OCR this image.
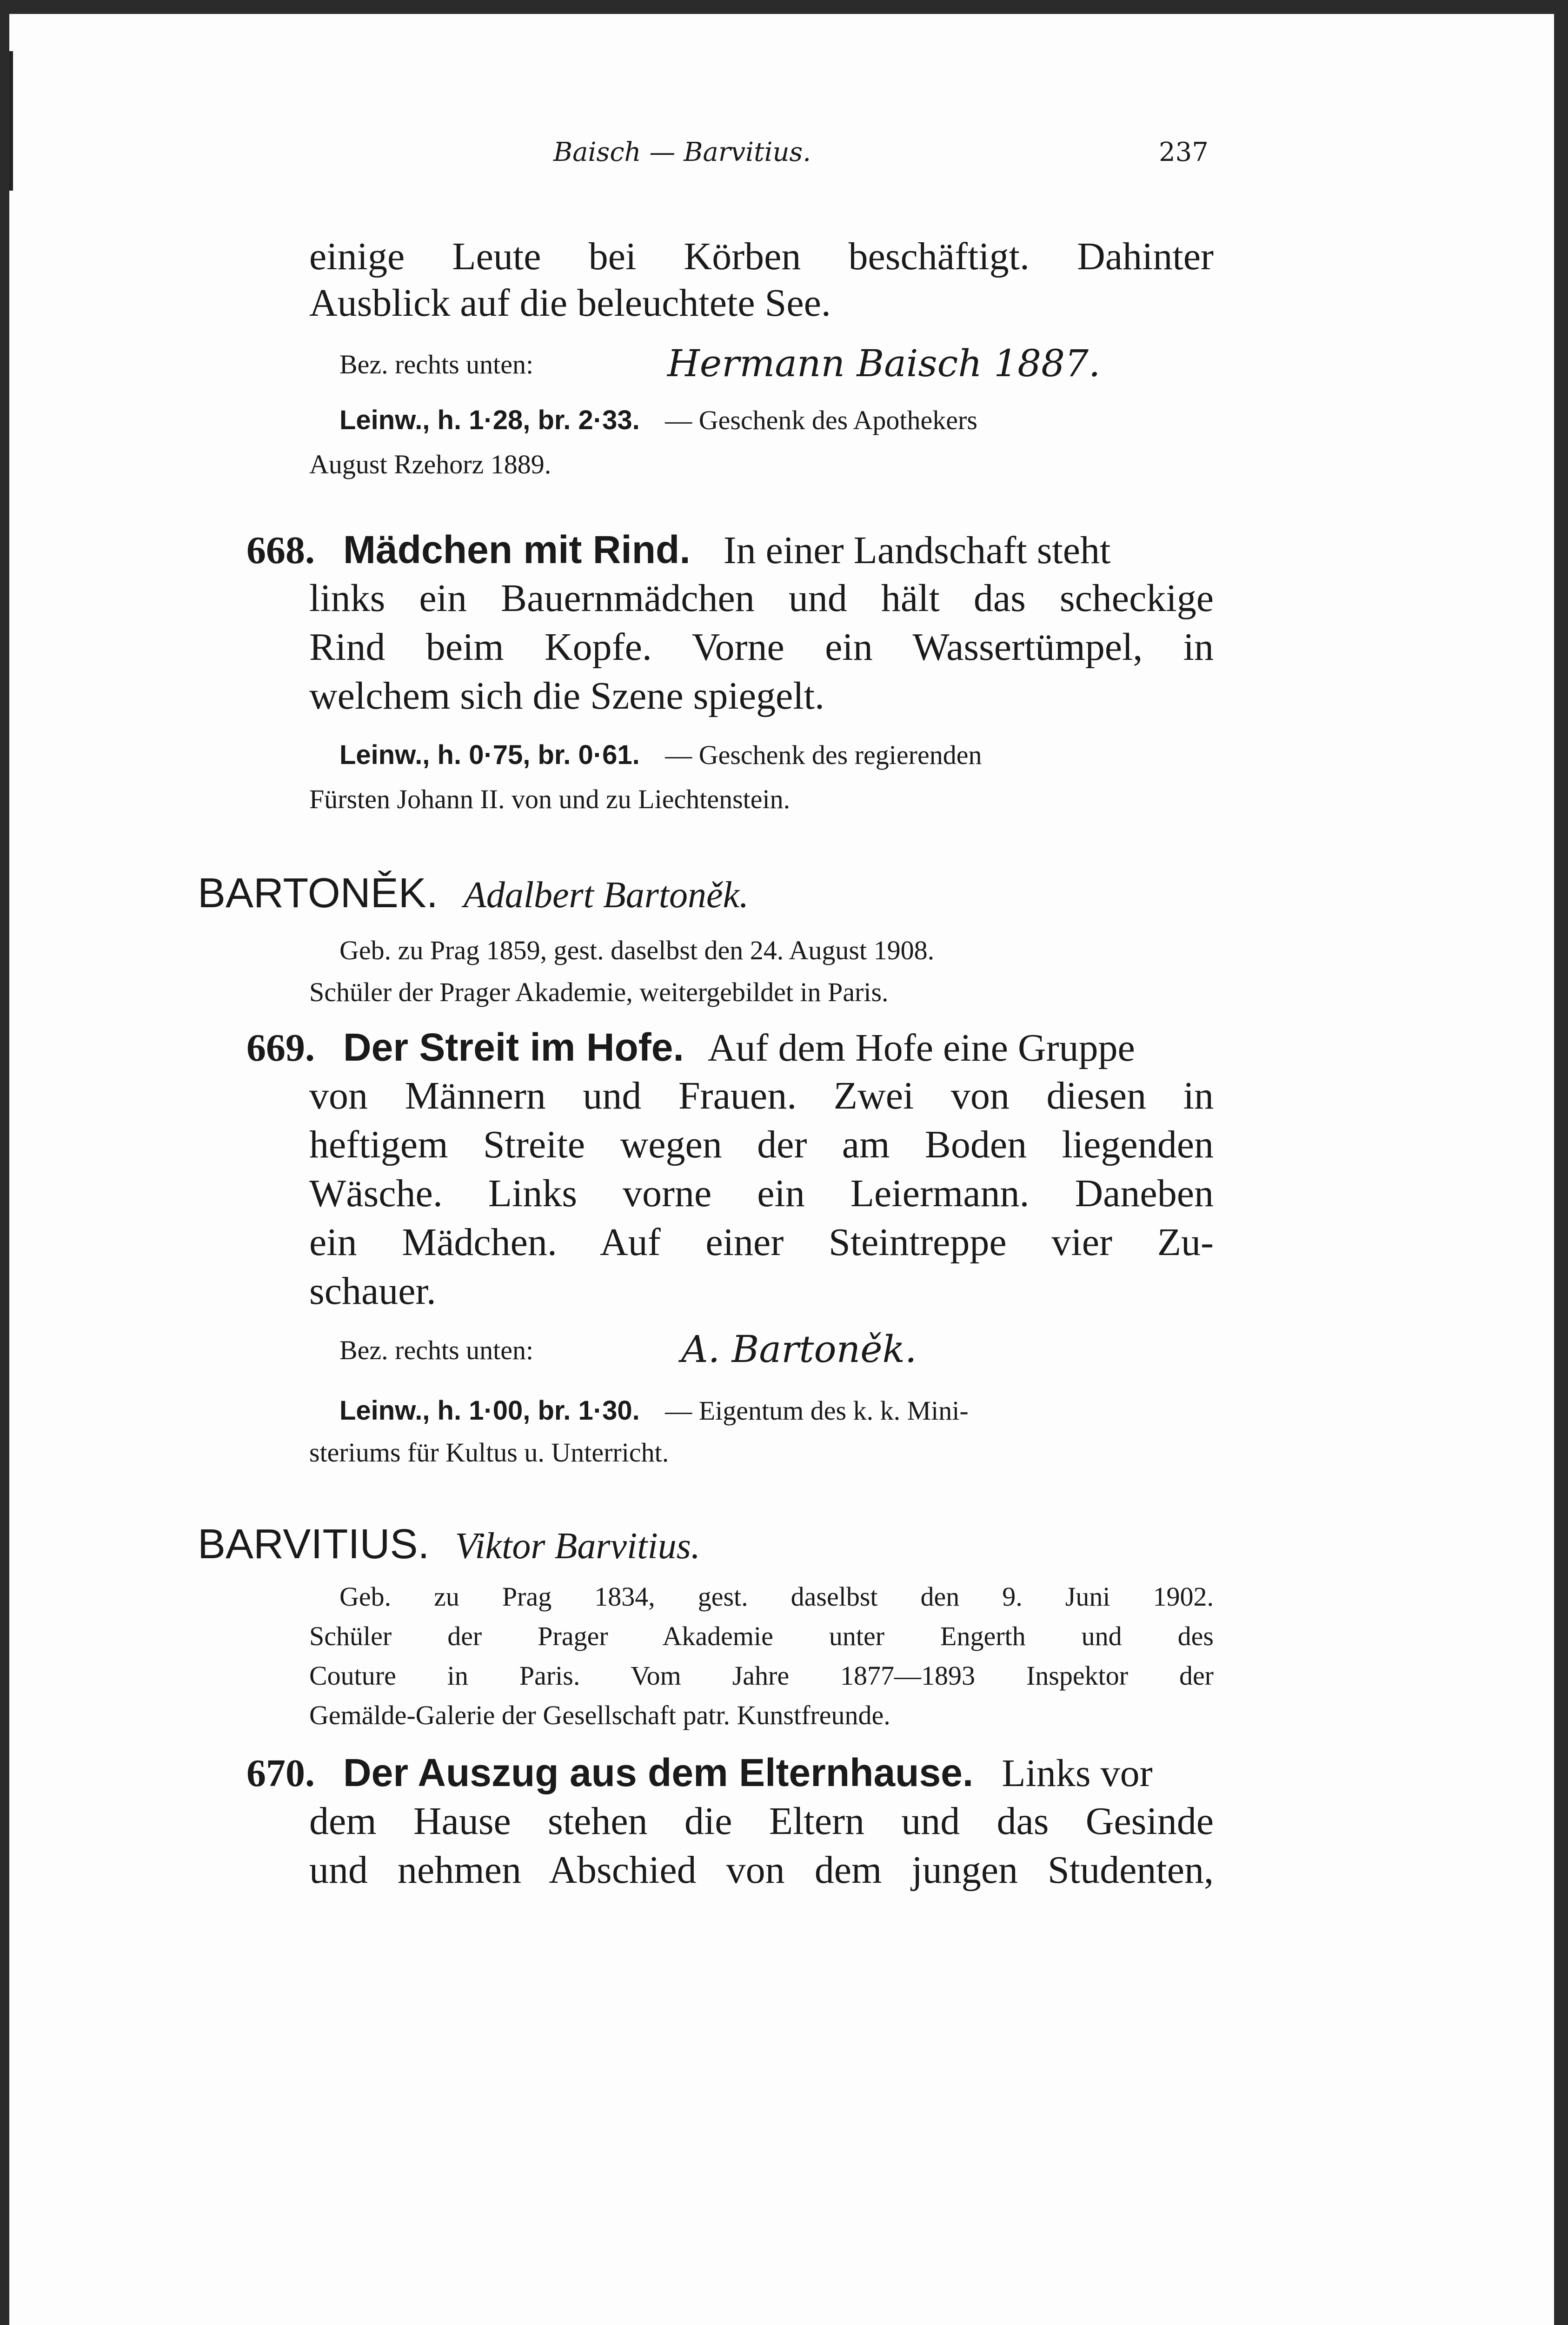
Baisch — Barvitius.	237
einige Leute bei Körben beschäftigt. Dahinter
Ausblick auf die beleuchtete See.
Bez. rechts unten:	Hermann Baisch 1887.
Leinw., h. 1·28, br. 2·33. — Geschenk des Apothekers
August Rzehorz 1889.
668. Mädchen mit Rind. In einer Landschaft steht
links ein Bauernmädchen und hält das scheckige
Rind beim Kopfe. Vorne ein Wassertümpel, in
welchem sich die Szene spiegelt.
Leinw., h. 0·75, br. 0·61. — Geschenk des regierenden
Fürsten Johann II. von und zu Liechtenstein.
BARTONĚK. Adalbert Bartoněk.
Geb. zu Prag 1859, gest. daselbst den 24. August 1908.
Schüler der Prager Akademie, weitergebildet in Paris.
669. Der Streit im Hofe. Auf dem Hofe eine Gruppe
von Männern und Frauen. Zwei von diesen in
heftigem Streite wegen der am Boden liegenden
Wäsche. Links vorne ein Leiermann. Daneben
ein Mädchen. Auf einer Steintreppe vier Zu-
schauer.
Bez. rechts unten:	A. Bartoněk.
Leinw., h. 1·00, br. 1·30. — Eigentum des k. k. Mini-
steriums für Kultus u. Unterricht.
BARVITIUS. Viktor Barvitius.
Geb. zu Prag 1834, gest. daselbst den 9. Juni 1902.
Schüler der Prager Akademie unter Engerth und des
Couture in Paris. Vom Jahre 1877—1893 Inspektor der
Gemälde-Galerie der Gesellschaft patr. Kunstfreunde.
670. Der Auszug aus dem Elternhause. Links vor
dem Hause stehen die Eltern und das Gesinde
und nehmen Abschied von dem jungen Studenten,
